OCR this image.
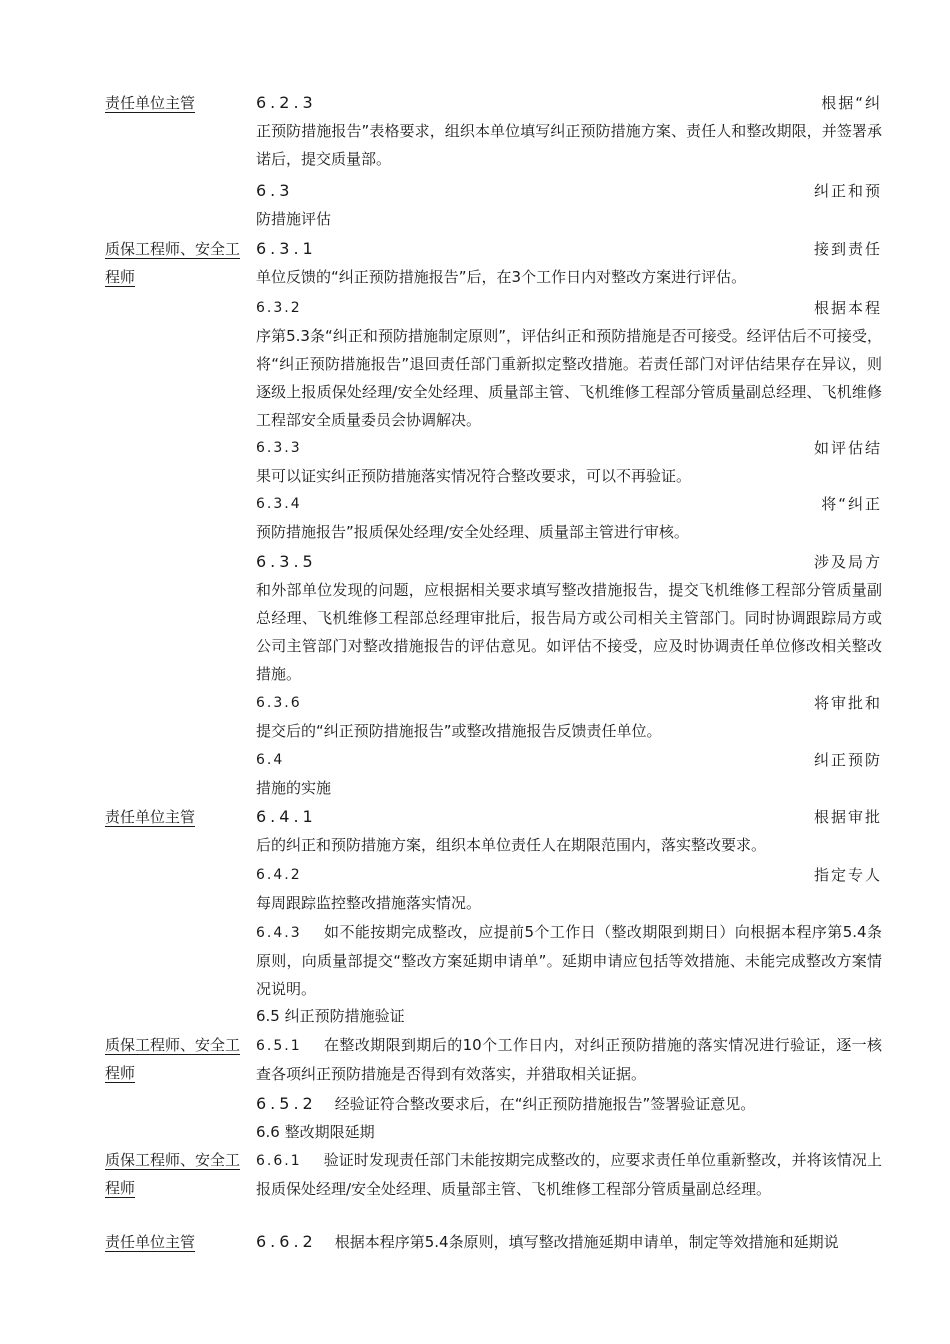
责任单位主管	6.2.3	根据“纠
正预防措施报告”表格要求，组织本单位填写纠正预防措施方案、责任人和整改期限，并签署承诺后，提交质量部。
6.3	纠正和预
防措施评估
质保工程师、安全工程师
6.3.1	接到责任
单位反馈的“纠正预防措施报告”后，在3个工作日内对整改方案进行评估。
6.3.2	根据本程
序第5.3条“纠正和预防措施制定原则”，评估纠正和预防措施是否可接受。经评估后不可接受，将“纠正预防措施报告”退回责任部门重新拟定整改措施。若责任部门对评估结果存在异议，则逐级上报质保处经理/安全处经理、质量部主管、飞机维修工程部分管质量副总经理、飞机维修工程部安全质量委员会协调解决。
6.3.3	如评估结
果可以证实纠正预防措施落实情况符合整改要求，可以不再验证。
6.3.4	将“纠正
预防措施报告”报质保处经理/安全处经理、质量部主管进行审核。
6.3.5	涉及局方
和外部单位发现的问题，应根据相关要求填写整改措施报告，提交飞机维修工程部分管质量副总经理、飞机维修工程部总经理审批后，报告局方或公司相关主管部门。同时协调跟踪局方或公司主管部门对整改措施报告的评估意见。如评估不接受，应及时协调责任单位修改相关整改措施。
6.3.6	将审批和
提交后的“纠正预防措施报告”或整改措施报告反馈责任单位。
6.4	纠正预防
措施的实施
责任单位主管	6.4.1	根据审批
后的纠正和预防措施方案，组织本单位责任人在期限范围内，落实整改要求。
6.4.2	指定专人
每周跟踪监控整改措施落实情况。
6.4.3 如不能按期完成整改，应提前5个工作日（整改期限到期日）向根据本程序第5.4条原则，向质量部提交“整改方案延期申请单”。延期申请应包括等效措施、未能完成整改方案情况说明。
6.5 纠正预防措施验证
质保工程师、安全工程师
6.5.1 在整改期限到期后的10个工作日内，对纠正预防措施的落实情况进行验证，逐一核查各项纠正预防措施是否得到有效落实，并猎取相关证据。
6.5.2 经验证符合整改要求后，在“纠正预防措施报告”签署验证意见。
6.6 整改期限延期
质保工程师、安全工程师
6.6.1 验证时发现责任部门未能按期完成整改的，应要求责任单位重新整改，并将该情况上报质保处经理/安全处经理、质量部主管、飞机维修工程部分管质量副总经理。
责任单位主管	6.6.2 根据本程序第5.4条原则，填写整改措施延期申请单，制定等效措施和延期说
